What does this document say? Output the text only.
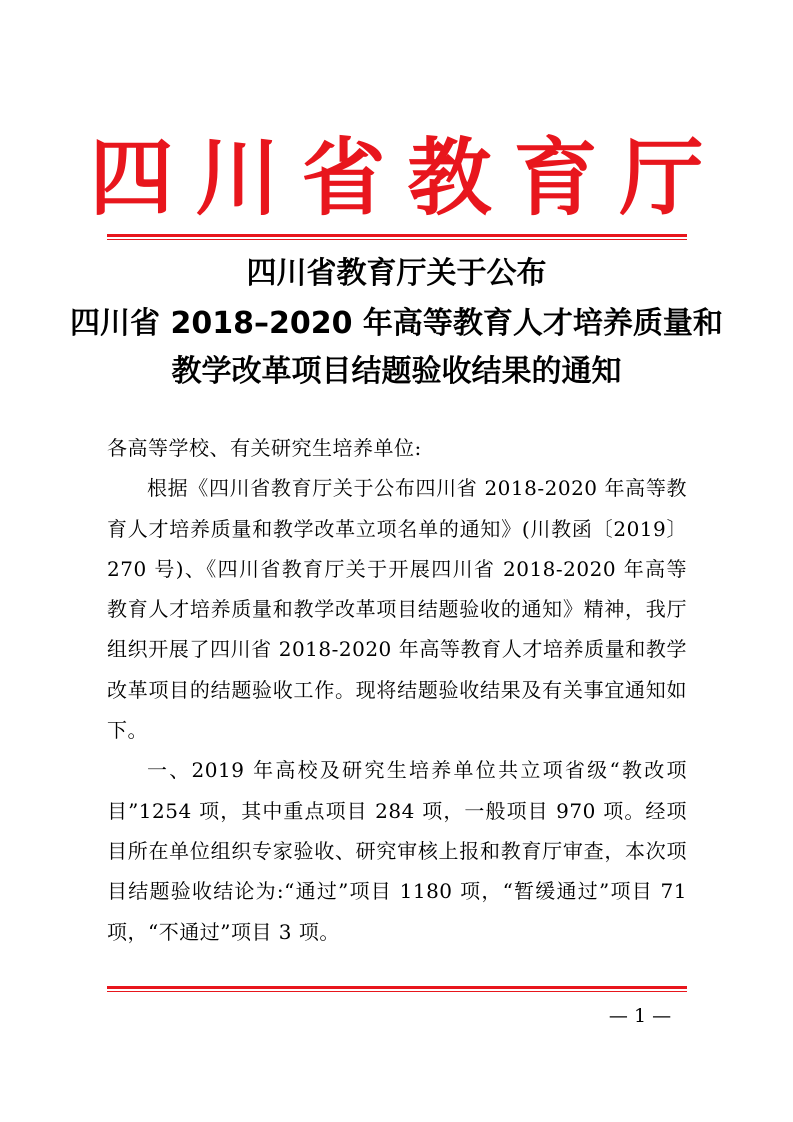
四川省教育厅
四川省教育厅关于公布
四川省 2018–2020 年高等教育人才培养质量和
教学改革项目结题验收结果的通知

各高等学校、有关研究生培养单位:

根据《四川省教育厅关于公布四川省 2018-2020 年高等教育人才培养质量和教学改革立项名单的通知》(川教函〔2019〕270 号)、《四川省教育厅关于开展四川省 2018-2020 年高等教育人才培养质量和教学改革项目结题验收的通知》精神，我厅组织开展了四川省 2018-2020 年高等教育人才培养质量和教学改革项目的结题验收工作。现将结题验收结果及有关事宜通知如下。

一、2019 年高校及研究生培养单位共立项省级“教改项目”1254 项，其中重点项目 284 项，一般项目 970 项。经项目所在单位组织专家验收、研究审核上报和教育厅审查，本次项目结题验收结论为:“通过”项目 1180 项，“暂缓通过”项目 71 项，“不通过”项目 3 项。

— 1 —
